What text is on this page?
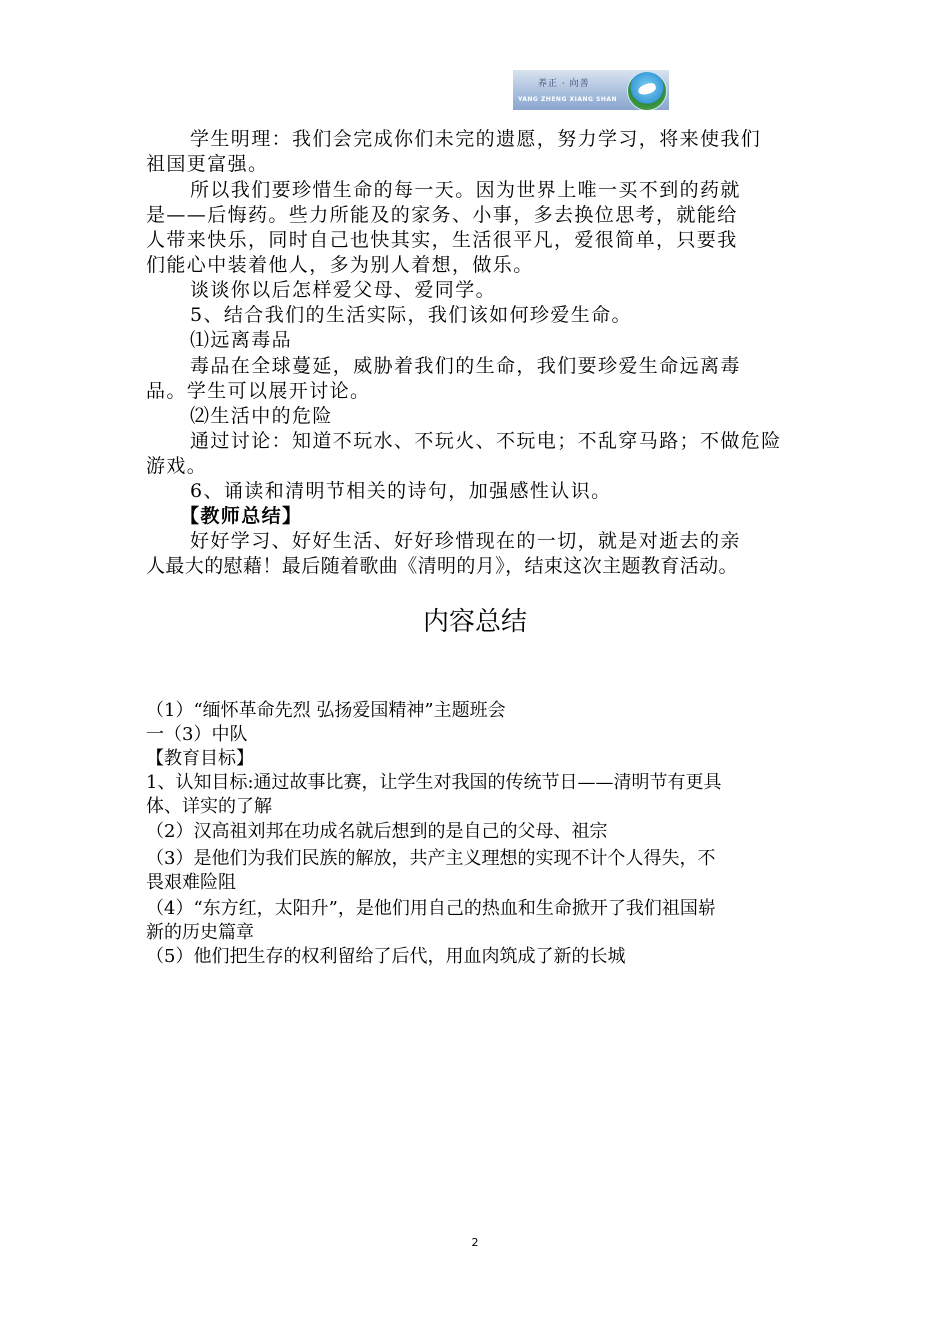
养正 · 向善
YANG ZHENG XIANG SHAN
学生明理：我们会完成你们未完的遗愿，努力学习，将来使我们
祖国更富强。
所以我们要珍惜生命的每一天。因为世界上唯一买不到的药就
是——后悔药。些力所能及的家务、小事，多去换位思考，就能给
人带来快乐，同时自己也快其实，生活很平凡，爱很简单，只要我
们能心中装着他人，多为别人着想，做乐。
谈谈你以后怎样爱父母、爱同学。
5、结合我们的生活实际，我们该如何珍爱生命。
⑴远离毒品
毒品在全球蔓延，威胁着我们的生命，我们要珍爱生命远离毒
品。学生可以展开讨论。
⑵生活中的危险
通过讨论：知道不玩水、不玩火、不玩电；不乱穿马路；不做危险
游戏。
6、诵读和清明节相关的诗句，加强感性认识。
【教师总结】
好好学习、好好生活、好好珍惜现在的一切，就是对逝去的亲
人最大的慰藉！最后随着歌曲《清明的月》，结束这次主题教育活动。
内容总结
（1）“缅怀革命先烈 弘扬爱国精神”主题班会
一（3）中队
【教育目标】
1、认知目标:通过故事比赛，让学生对我国的传统节日——清明节有更具
体、详实的了解
（2）汉高祖刘邦在功成名就后想到的是自己的父母、祖宗
（3）是他们为我们民族的解放，共产主义理想的实现不计个人得失，不
畏艰难险阻
（4）“东方红，太阳升”，是他们用自己的热血和生命掀开了我们祖国崭
新的历史篇章
（5）他们把生存的权利留给了后代，用血肉筑成了新的长城
2
